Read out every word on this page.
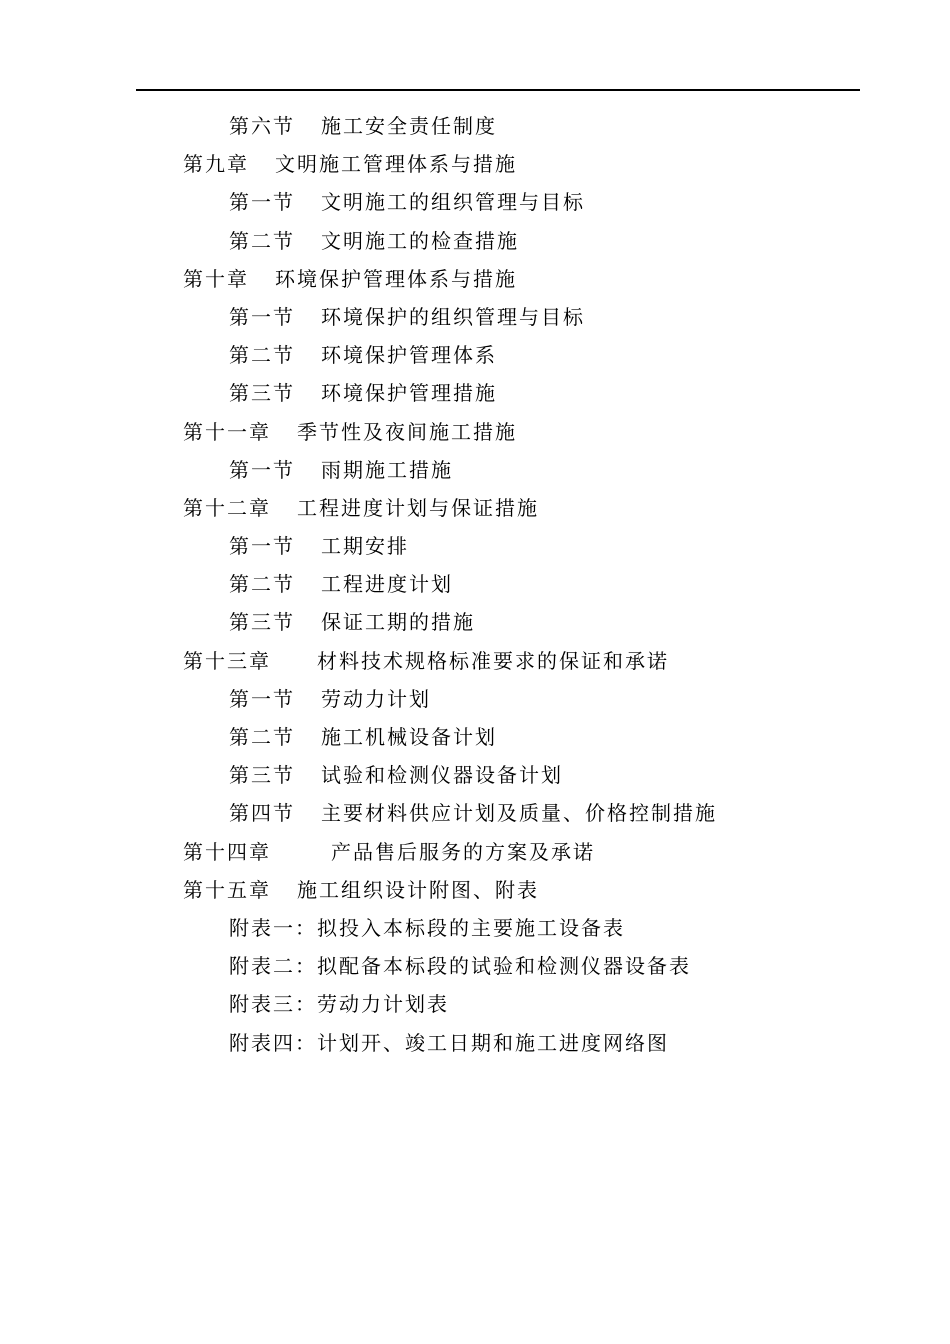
第六节 施工安全责任制度
第九章 文明施工管理体系与措施
第一节 文明施工的组织管理与目标
第二节 文明施工的检查措施
第十章 环境保护管理体系与措施
第一节 环境保护的组织管理与目标
第二节 环境保护管理体系
第三节 环境保护管理措施
第十一章 季节性及夜间施工措施
第一节 雨期施工措施
第十二章 工程进度计划与保证措施
第一节 工期安排
第二节 工程进度计划
第三节 保证工期的措施
第十三章 材料技术规格标准要求的保证和承诺
第一节 劳动力计划
第二节 施工机械设备计划
第三节 试验和检测仪器设备计划
第四节 主要材料供应计划及质量、价格控制措施
第十四章	产品售后服务的方案及承诺
第十五章 施工组织设计附图、附表
附表一：拟投入本标段的主要施工设备表
附表二：拟配备本标段的试验和检测仪器设备表
附表三：劳动力计划表
附表四：计划开、竣工日期和施工进度网络图
